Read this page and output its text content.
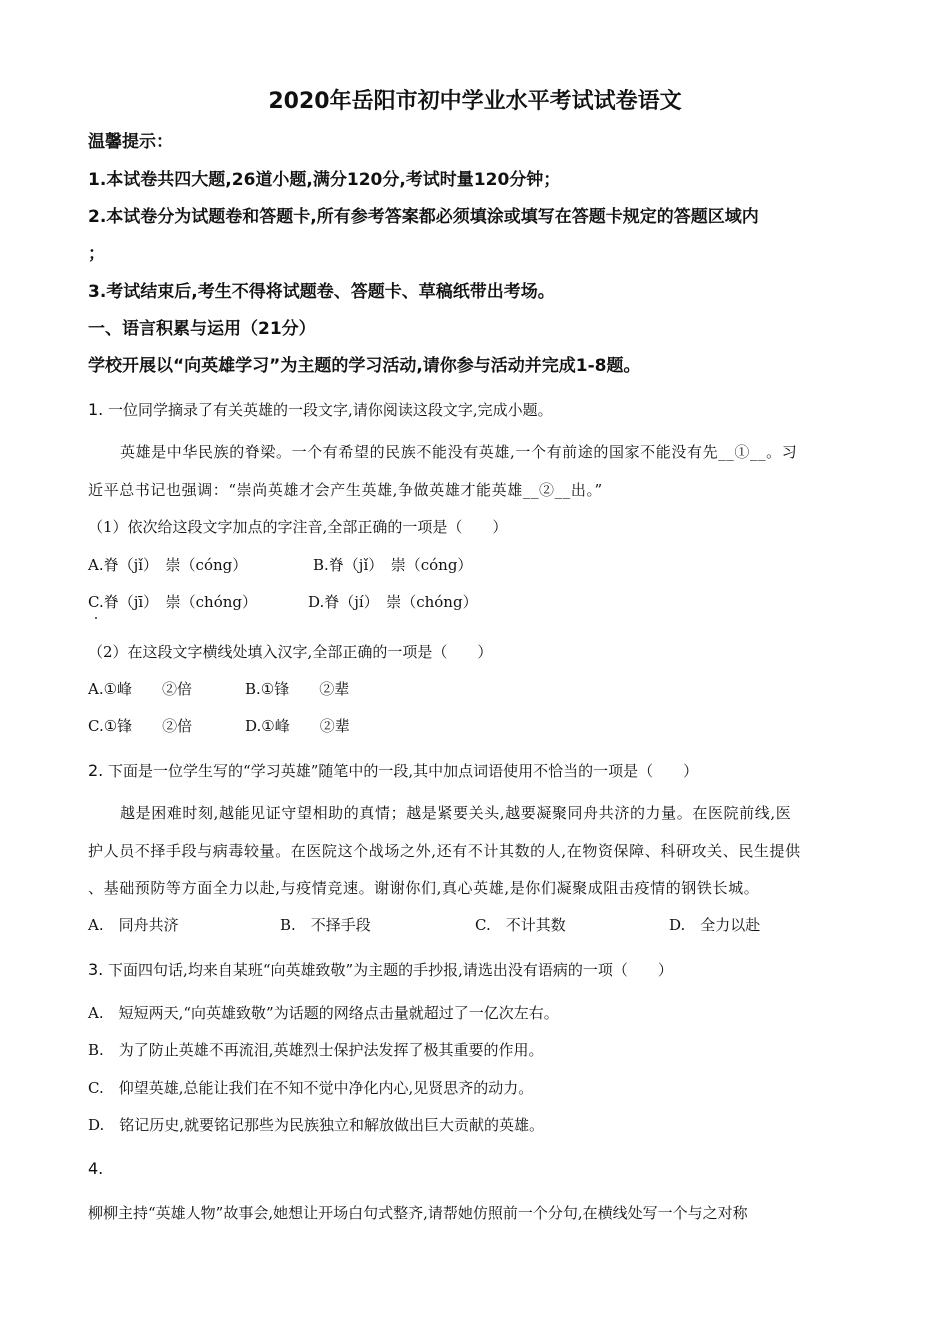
2020年岳阳市初中学业水平考试试卷语文
温馨提示：
1.本试卷共四大题,26道小题,满分120分,考试时量120分钟；
2.本试卷分为试题卷和答题卡,所有参考答案都必须填涂或填写在答题卡规定的答题区域内
；
3.考试结束后,考生不得将试题卷、答题卡、草稿纸带出考场。
一、语言积累与运用（21分）
学校开展以“向英雄学习”为主题的学习活动,请你参与活动并完成1-8题。
1. 一位同学摘录了有关英雄的一段文字,请你阅读这段文字,完成小题。
英雄是中华民族的脊梁。一个有希望的民族不能没有英雄,一个有前途的国家不能没有先__①__。习
近平总书记也强调：“崇尚英雄才会产生英雄,争做英雄才能英雄__②__出。”
（1）依次给这段文字加点的字注音,全部正确的一项是（　　）
A.脊（jǐ）　崇（cóng）	B.脊（jǐ）　崇（cóng）
C.脊（jī）　崇（chóng）	D.脊（jí）　崇（chóng）
（2）在这段文字横线处填入汉字,全部正确的一项是（　　）
A.①峰　　②倍	B.①锋　　②辈
C.①锋　　②倍	D.①峰　　②辈
2. 下面是一位学生写的“学习英雄”随笔中的一段,其中加点词语使用不恰当的一项是（　　）
越是困难时刻,越能见证守望相助的真情；越是紧要关头,越要凝聚同舟共济的力量。在医院前线,医
护人员不择手段与病毒较量。在医院这个战场之外,还有不计其数的人,在物资保障、科研攻关、民生提供
、基础预防等方面全力以赴,与疫情竞速。谢谢你们,真心英雄,是你们凝聚成阻击疫情的钢铁长城。
A.　同舟共济	B.　不择手段	C.　不计其数	D.　全力以赴
3. 下面四句话,均来自某班“向英雄致敬”为主题的手抄报,请选出没有语病的一项（　　）
A.　短短两天,“向英雄致敬”为话题的网络点击量就超过了一亿次左右。
B.　为了防止英雄不再流泪,英雄烈士保护法发挥了极其重要的作用。
C.　仰望英雄,总能让我们在不知不觉中净化内心,见贤思齐的动力。
D.　铭记历史,就要铭记那些为民族独立和解放做出巨大贡献的英雄。
4.
柳柳主持“英雄人物”故事会,她想让开场白句式整齐,请帮她仿照前一个分句,在横线处写一个与之对称
